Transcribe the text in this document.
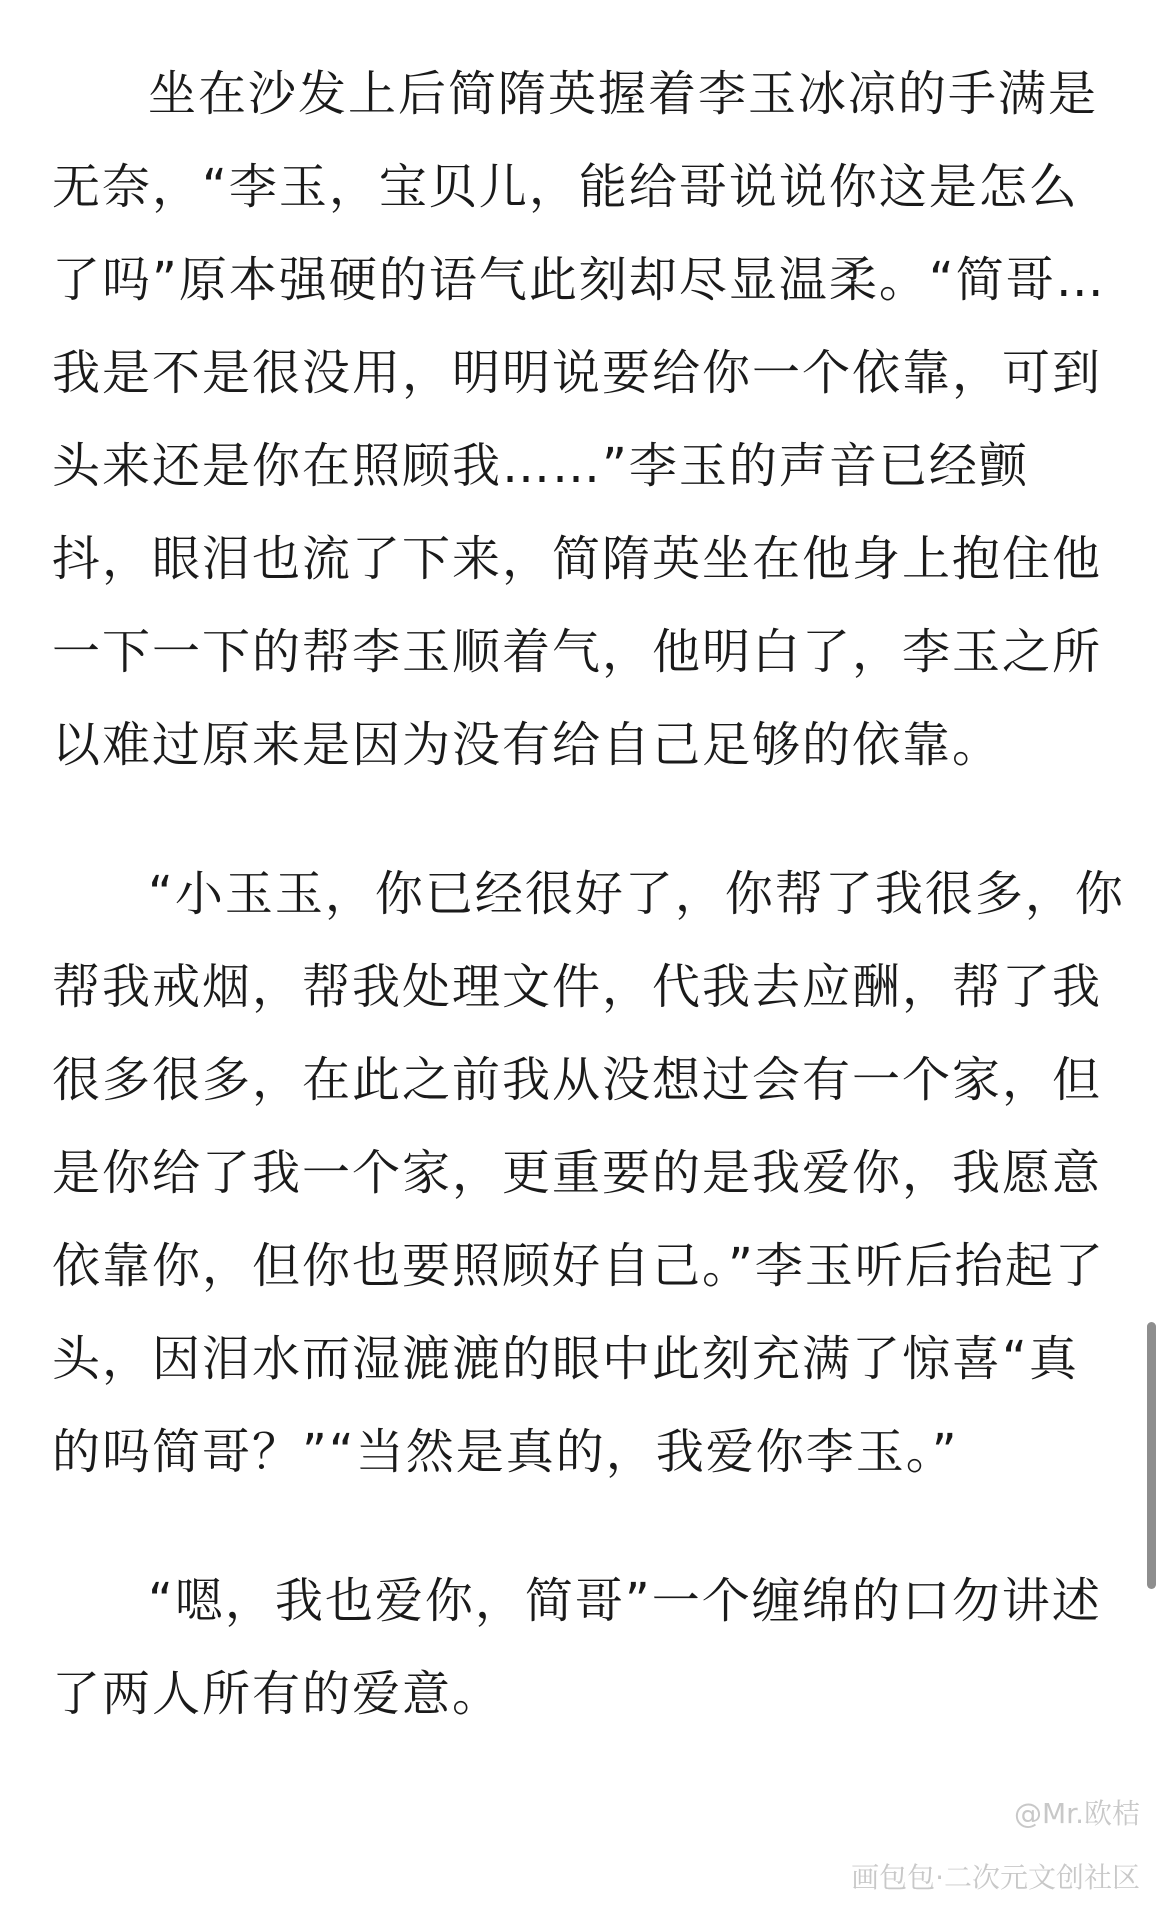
坐在沙发上后简隋英握着李玉冰凉的手满是无奈，“李玉，宝贝儿，能给哥说说你这是怎么了吗”原本强硬的语气此刻却尽显温柔。“简哥…我是不是很没用，明明说要给你一个依靠，可到头来还是你在照顾我……”李玉的声音已经颤抖，眼泪也流了下来，简隋英坐在他身上抱住他一下一下的帮李玉顺着气，他明白了，李玉之所以难过原来是因为没有给自己足够的依靠。

“小玉玉，你已经很好了，你帮了我很多，你帮我戒烟，帮我处理文件，代我去应酬，帮了我很多很多，在此之前我从没想过会有一个家，但是你给了我一个家，更重要的是我爱你，我愿意依靠你，但你也要照顾好自己。”李玉听后抬起了头，因泪水而湿漉漉的眼中此刻充满了惊喜“真的吗简哥？”“当然是真的，我爱你李玉。”

“嗯，我也爱你，简哥”一个缠绵的口勿讲述了两人所有的爱意。

@Mr.欧桔
画包包·二次元文创社区
